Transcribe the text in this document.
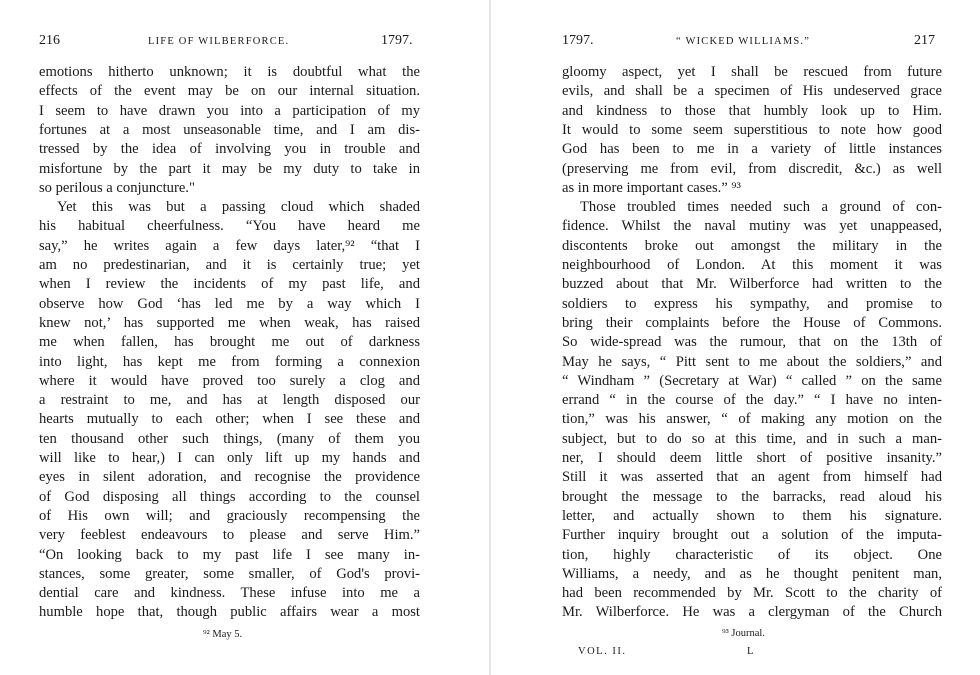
216	LIFE OF WILBERFORCE.	1797.
emotions hitherto unknown; it is doubtful what the
effects of the event may be on our internal situation.
I seem to have drawn you into a participation of my
fortunes at a most unseasonable time, and I am dis-
tressed by the idea of involving you in trouble and
misfortune by the part it may be my duty to take in
so perilous a conjuncture."
Yet this was but a passing cloud which shaded
his habitual cheerfulness. “You have heard me
say,” he writes again a few days later,⁹² “that I
am no predestinarian, and it is certainly true; yet
when I review the incidents of my past life, and
observe how God ‘has led me by a way which I
knew not,’ has supported me when weak, has raised
me when fallen, has brought me out of darkness
into light, has kept me from forming a connexion
where it would have proved too surely a clog and
a restraint to me, and has at length disposed our
hearts mutually to each other; when I see these and
ten thousand other such things, (many of them you
will like to hear,) I can only lift up my hands and
eyes in silent adoration, and recognise the providence
of God disposing all things according to the counsel
of His own will; and graciously recompensing the
very feeblest endeavours to please and serve Him.”
“On looking back to my past life I see many in-
stances, some greater, some smaller, of God's provi-
dential care and kindness. These infuse into me a
humble hope that, though public affairs wear a most
⁹² May 5.
1797.	“ WICKED WILLIAMS.”	217
gloomy aspect, yet I shall be rescued from future
evils, and shall be a specimen of His undeserved grace
and kindness to those that humbly look up to Him.
It would to some seem superstitious to note how good
God has been to me in a variety of little instances
(preserving me from evil, from discredit, &c.) as well
as in more important cases.” ⁹³
Those troubled times needed such a ground of con-
fidence. Whilst the naval mutiny was yet unappeased,
discontents broke out amongst the military in the
neighbourhood of London. At this moment it was
buzzed about that Mr. Wilberforce had written to the
soldiers to express his sympathy, and promise to
bring their complaints before the House of Commons.
So wide-spread was the rumour, that on the 13th of
May he says, “ Pitt sent to me about the soldiers,” and
“ Windham ” (Secretary at War) “ called ” on the same
errand “ in the course of the day.” “ I have no inten-
tion,” was his answer, “ of making any motion on the
subject, but to do so at this time, and in such a man-
ner, I should deem little short of positive insanity.”
Still it was asserted that an agent from himself had
brought the message to the barracks, read aloud his
letter, and actually shown to them his signature.
Further inquiry brought out a solution of the imputa-
tion, highly characteristic of its object. One
Williams, a needy, and as he thought penitent man,
had been recommended by Mr. Scott to the charity of
Mr. Wilberforce. He was a clergyman of the Church
⁹³ Journal.
VOL. II.	L
